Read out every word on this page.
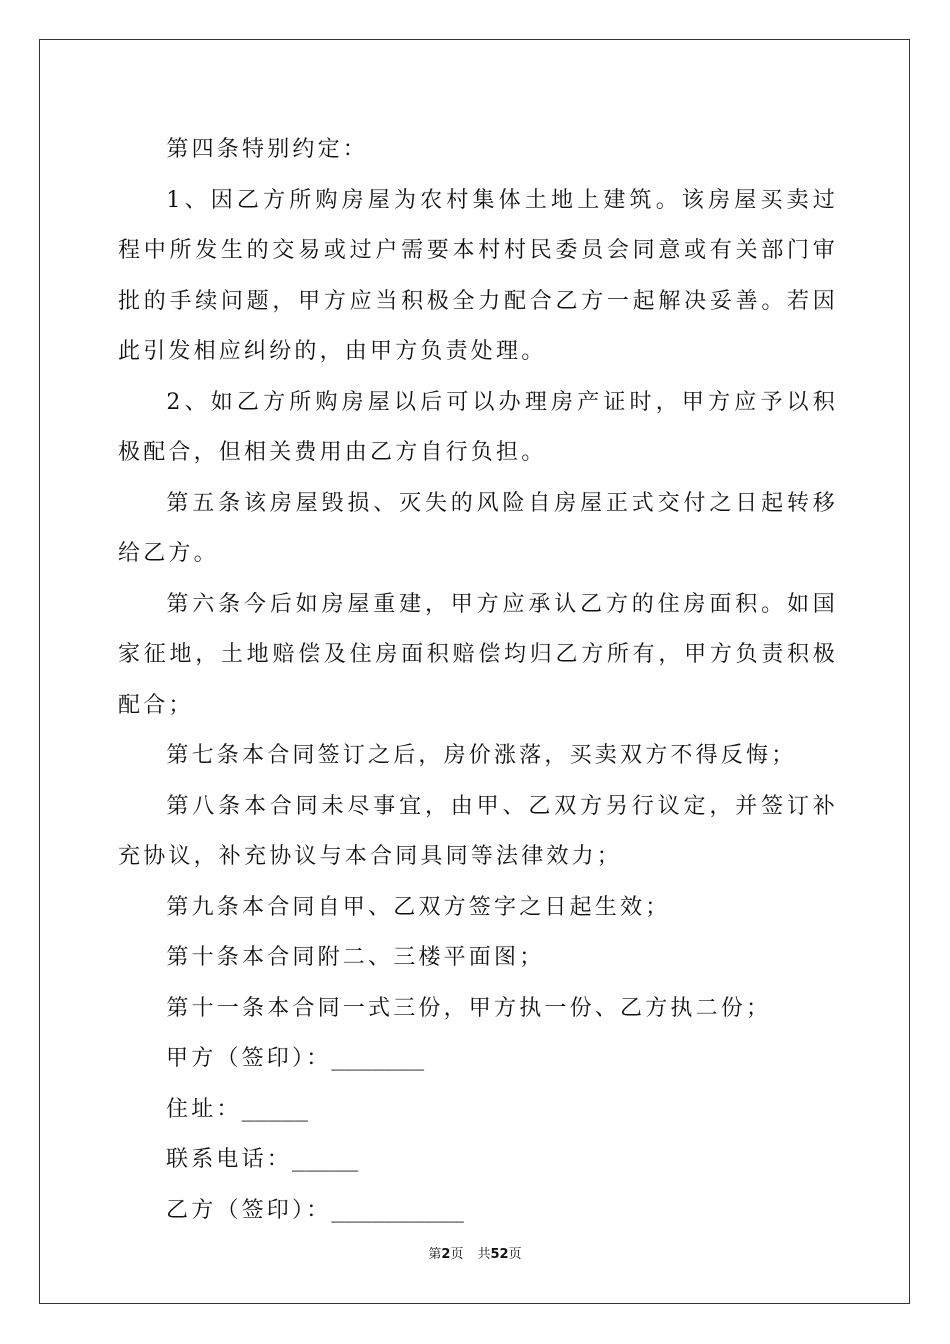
第四条特别约定：

1、因乙方所购房屋为农村集体土地上建筑。该房屋买卖过程中所发生的交易或过户需要本村村民委员会同意或有关部门审批的手续问题，甲方应当积极全力配合乙方一起解决妥善。若因此引发相应纠纷的，由甲方负责处理。

2、如乙方所购房屋以后可以办理房产证时，甲方应予以积极配合，但相关费用由乙方自行负担。

第五条该房屋毁损、灭失的风险自房屋正式交付之日起转移给乙方。

第六条今后如房屋重建，甲方应承认乙方的住房面积。如国家征地，土地赔偿及住房面积赔偿均归乙方所有，甲方负责积极配合；

第七条本合同签订之后，房价涨落，买卖双方不得反悔；

第八条本合同未尽事宜，由甲、乙双方另行议定，并签订补充协议，补充协议与本合同具同等法律效力；

第九条本合同自甲、乙双方签字之日起生效；

第十条本合同附二、三楼平面图；

第十一条本合同一式三份，甲方执一份、乙方执二份；

甲方（签印）：_______

住址：_____

联系电话：_____

乙方（签印）：__________

第2页 共52页
